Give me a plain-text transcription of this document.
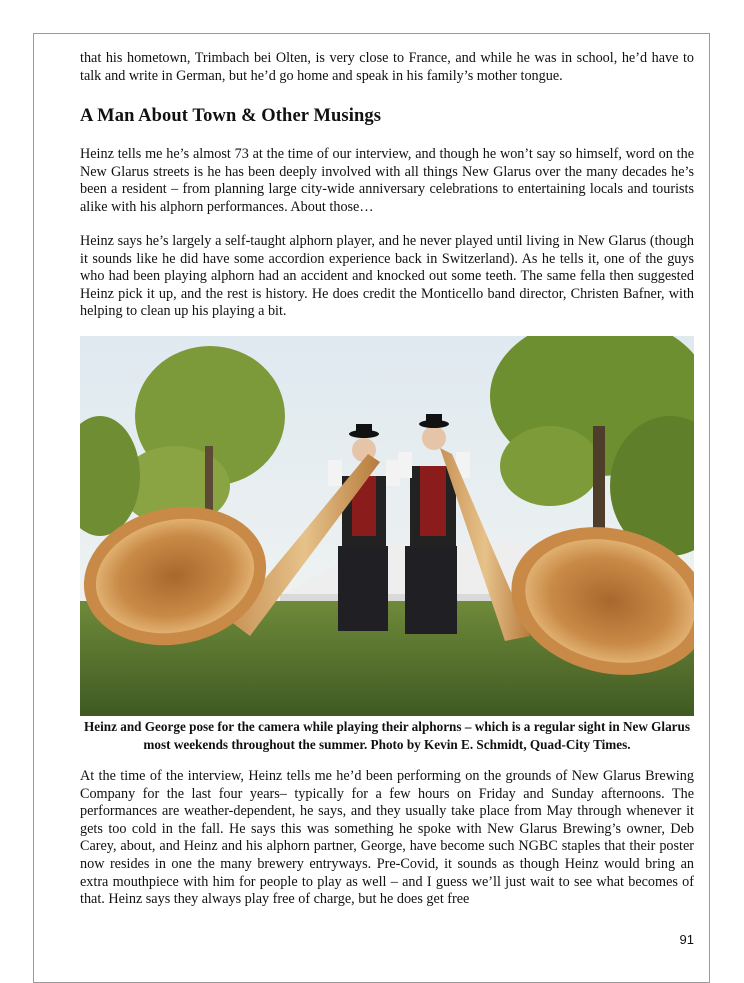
that his hometown, Trimbach bei Olten, is very close to France, and while he was in school, he’d have to talk and write in German, but he’d go home and speak in his family’s mother tongue.

A Man About Town & Other Musings

Heinz tells me he’s almost 73 at the time of our interview, and though he won’t say so himself, word on the New Glarus streets is he has been deeply involved with all things New Glarus over the many decades he’s been a resident – from planning large city-wide anniversary celebrations to entertaining locals and tourists alike with his alphorn performances. About those…

Heinz says he’s largely a self-taught alphorn player, and he never played until living in New Glarus (though it sounds like he did have some accordion experience back in Switzerland). As he tells it, one of the guys who had been playing alphorn had an accident and knocked out some teeth. The same fella then suggested Heinz pick it up, and the rest is history. He does credit the Monticello band director, Christen Bafner, with helping to clean up his playing a bit.

Heinz and George pose for the camera while playing their alphorns – which is a regular sight in New Glarus most weekends throughout the summer. Photo by Kevin E. Schmidt, Quad-City Times.

At the time of the interview, Heinz tells me he’d been performing on the grounds of New Glarus Brewing Company for the last four years– typically for a few hours on Friday and Sunday afternoons. The performances are weather-dependent, he says, and they usually take place from May through whenever it gets too cold in the fall. He says this was something he spoke with New Glarus Brewing’s owner, Deb Carey, about, and Heinz and his alphorn partner, George, have become such NGBC staples that their poster now resides in one the many brewery entryways. Pre-Covid, it sounds as though Heinz would bring an extra mouthpiece with him for people to play as well – and I guess we’ll just wait to see what becomes of that. Heinz says they always play free of charge, but he does get free

91
